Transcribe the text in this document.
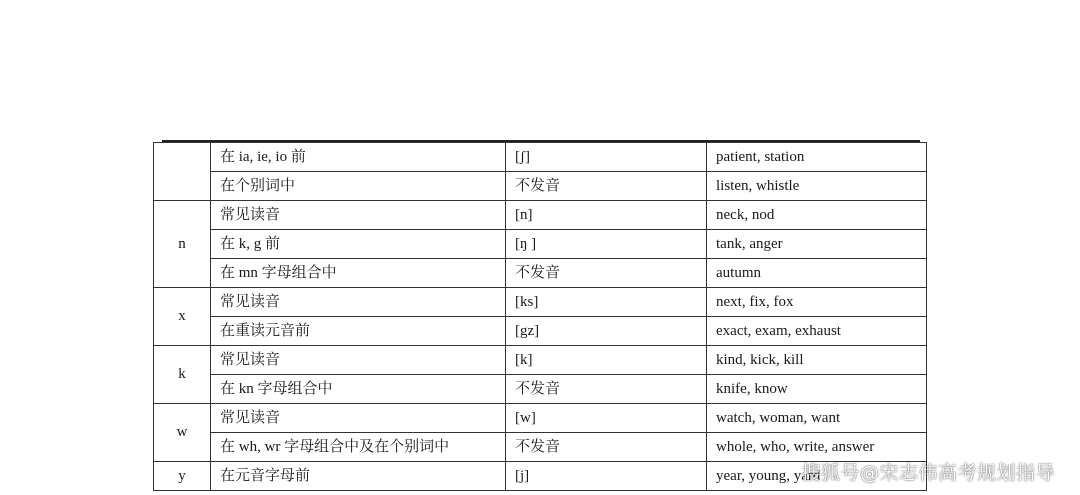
	在 ia, ie, io 前	[ʃ]	patient, station
	在个别词中	不发音	listen, whistle
n	常见读音	[n]	neck, nod
	在 k, g 前	[ŋ ]	tank, anger
	在 mn 字母组合中	不发音	autumn
x	常见读音	[ks]	next, fix, fox
	在重读元音前	[gz]	exact, exam, exhaust
k	常见读音	[k]	kind, kick, kill
	在 kn 字母组合中	不发音	knife, know
w	常见读音	[w]	watch, woman, want
	在 wh, wr 字母组合中及在个别词中	不发音	whole, who, write, answer
y	在元音字母前	[j]	year, young, yard
搜狐号@宋志伟高考规划指导
